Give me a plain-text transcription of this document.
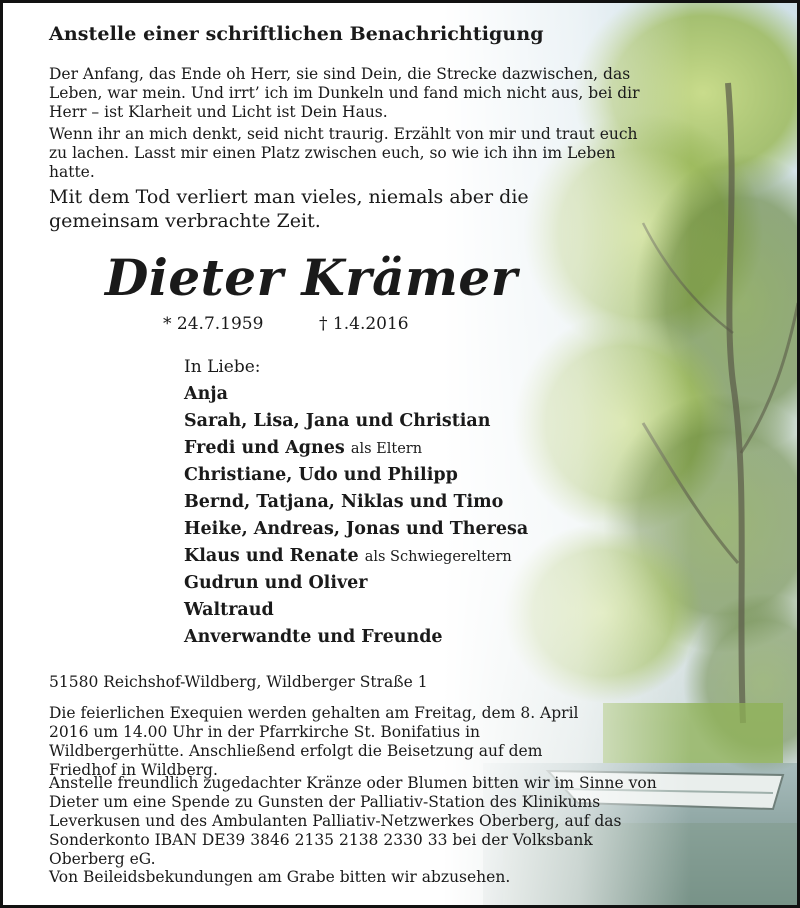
Anstelle einer schriftlichen Benachrichtigung
Der Anfang, das Ende oh Herr, sie sind Dein, die Strecke dazwischen, das Leben, war mein. Und irrt’ ich im Dunkeln und fand mich nicht aus, bei dir Herr – ist Klarheit und Licht ist Dein Haus.
Wenn ihr an mich denkt, seid nicht traurig. Erzählt von mir und traut euch zu lachen. Lasst mir einen Platz zwischen euch, so wie ich ihn im Leben hatte.
Mit dem Tod verliert man vieles, niemals aber die gemeinsam verbrachte Zeit.
Dieter Krämer
* 24.7.1959	† 1.4.2016
In Liebe:
Anja
Sarah, Lisa, Jana und Christian
Fredi und Agnes als Eltern
Christiane, Udo und Philipp
Bernd, Tatjana, Niklas und Timo
Heike, Andreas, Jonas und Theresa
Klaus und Renate als Schwiegereltern
Gudrun und Oliver
Waltraud
Anverwandte und Freunde
51580 Reichshof-Wildberg, Wildberger Straße 1
Die feierlichen Exequien werden gehalten am Freitag, dem 8. April 2016 um 14.00 Uhr in der Pfarrkirche St. Bonifatius in Wildbergerhütte. Anschließend erfolgt die Beisetzung auf dem Friedhof in Wildberg.
Anstelle freundlich zugedachter Kränze oder Blumen bitten wir im Sinne von Dieter um eine Spende zu Gunsten der Palliativ-Station des Klinikums Leverkusen und des Ambulanten Palliativ-Netzwerkes Oberberg, auf das Sonderkonto IBAN DE39 3846 2135 2138 2330 33 bei der Volksbank Oberberg eG.
Von Beileidsbekundungen am Grabe bitten wir abzusehen.
